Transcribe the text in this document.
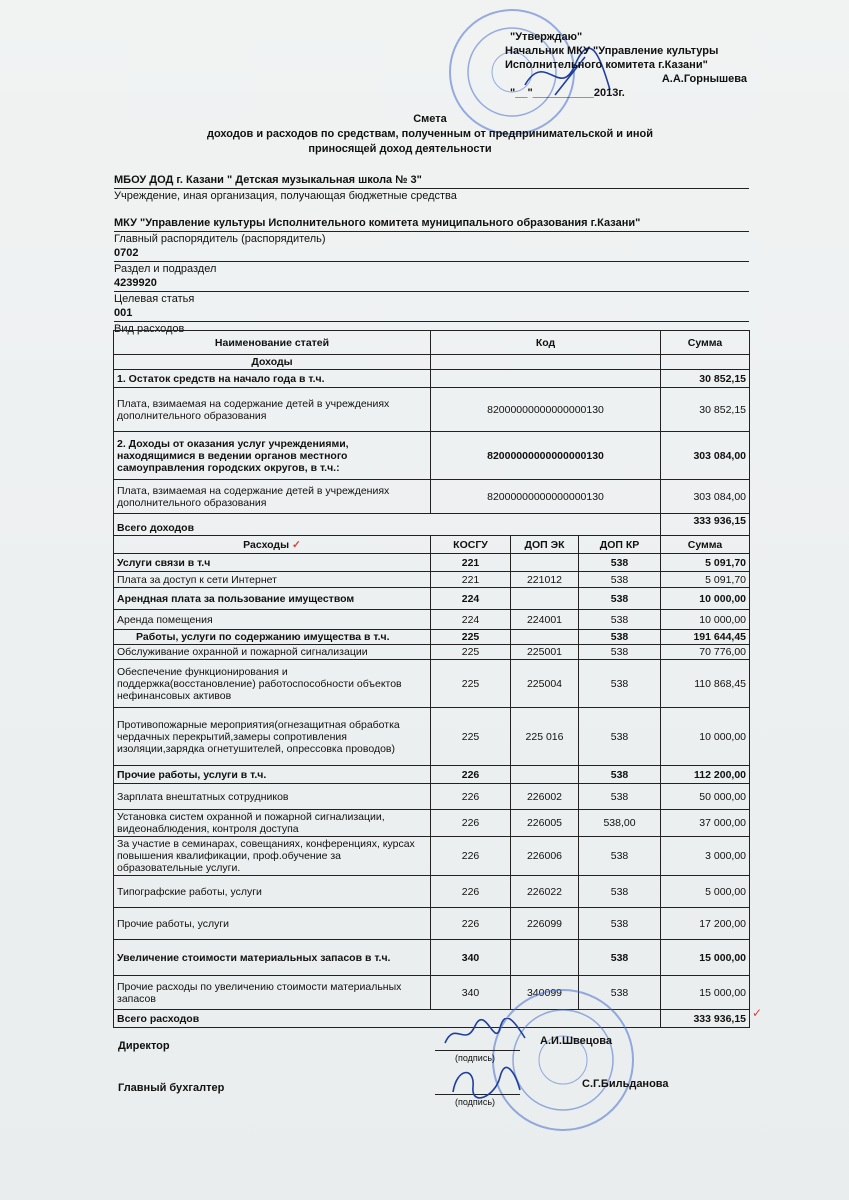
"Утверждаю"
Начальник МКУ "Управление культуры
Исполнительного комитета г.Казани"
А.А.Горнышева
"__"__________2013г.
Смета
доходов и расходов по средствам, полученным от предпринимательской и иной
приносящей доход деятельности
МБОУ ДОД г. Казани " Детская музыкальная школа № 3"
Учреждение, иная организация, получающая бюджетные средства
МКУ "Управление культуры Исполнительного комитета муниципального образования г.Казани"
Главный распорядитель (распорядитель)
0702
Раздел и подраздел
4239920
Целевая статья
001
Вид расходов
Наименование статей	Код			Сумма
Доходы				
1. Остаток средств на начало года в т.ч.				30 852,15
Плата, взимаемая на содержание детей в учреждениях дополнительного образования	82000000000000000130			30 852,15
2. Доходы от оказания услуг учреждениями, находящимися в ведении органов местного самоуправления городских округов, в т.ч.:	82000000000000000130			303 084,00
Плата, взимаемая на содержание детей в учреждениях дополнительного образования	82000000000000000130			303 084,00
Всего доходов				333 936,15
Расходы ✓	КОСГУ	ДОП ЭК	ДОП КР	Сумма
Услуги связи в т.ч	221		538	5 091,70
Плата за доступ к сети Интернет	221	221012	538	5 091,70
Арендная плата за пользование имуществом	224		538	10 000,00
Аренда помещения	224	224001	538	10 000,00
Работы, услуги по содержанию имущества в т.ч.	225		538	191 644,45
Обслуживание охранной и пожарной сигнализации	225	225001	538	70 776,00
Обеспечение функционирования и поддержка(восстановление) работоспособности объектов нефинансовых активов	225	225004	538	110 868,45
Противопожарные мероприятия(огнезащитная обработка чердачных перекрытий,замеры сопротивления изоляции,зарядка огнетушителей, опрессовка проводов)	225	225 016	538	10 000,00
Прочие работы, услуги в т.ч.	226		538	112 200,00
Зарплата внештатных сотрудников	226	226002	538	50 000,00
Установка систем охранной и пожарной сигнализации, видеонаблюдения, контроля доступа	226	226005	538,00	37 000,00
За участие в семинарах, совещаниях, конференциях, курсах повышения квалификации, проф.обучение за образовательные услуги.	226	226006	538	3 000,00
Типографские работы, услуги	226	226022	538	5 000,00
Прочие работы, услуги	226	226099	538	17 200,00
Увеличение стоимости материальных запасов в т.ч.	340		538	15 000,00
Прочие расходы по увеличению стоимости материальных запасов	340	340099	538	15 000,00
Всего расходов				333 936,15
Директор
(подпись)
А.И.Швецова
Главный бухгалтер
(подпись)
С.Г.Бильданова
✓
